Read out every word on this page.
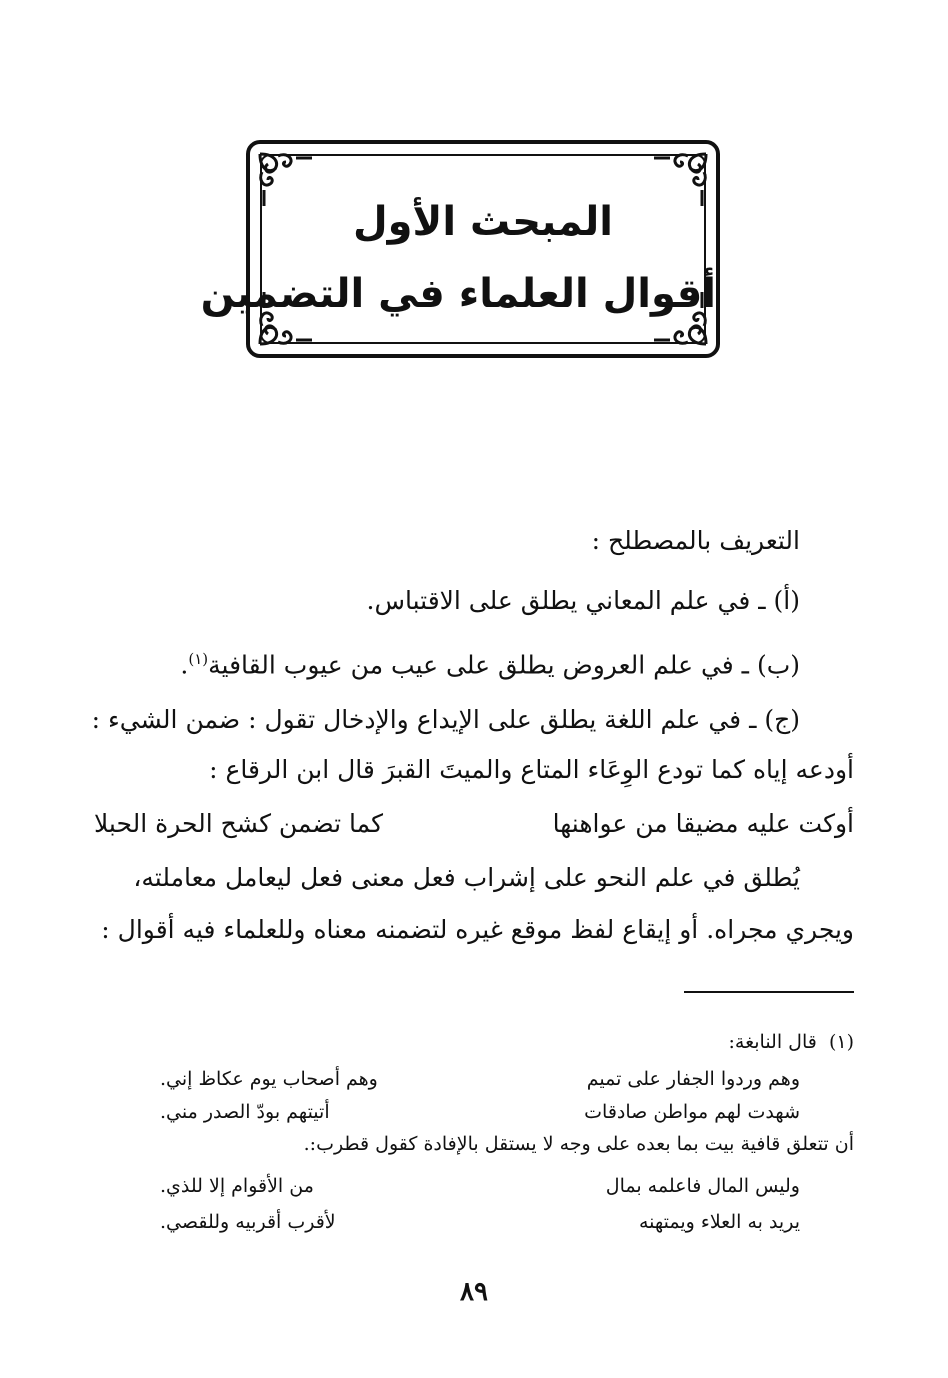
المبحث الأول
أقوال العلماء في التضمين
التعريف بالمصطلح :
(أ) ـ في علم المعاني يطلق على الاقتباس.
(ب) ـ في علم العروض يطلق على عيب من عيوب القافية$^{(١)}$.
(ج) ـ في علم اللغة يطلق على الإيداع والإدخال تقول : ضمن الشيء :
أودعه إياه كما تودع الوِعَاء المتاع والميتَ القبرَ قال ابن الرقاع :
أوكت عليه مضيقا من عواهنها
كما تضمن كشح الحرة الحبلا
يُطلق في علم النحو على إشراب فعل معنى فعل ليعامل معاملته،
ويجري مجراه. أو إيقاع لفظ موقع غيره لتضمنه معناه وللعلماء فيه أقوال :
(١)  قال النابغة:
وهم وردوا الجفار على تميم
وهم أصحاب يوم عكاظ إني.
شهدت لهم مواطن صادقات
أتيتهم بودّ الصدر مني.
أن تتعلق قافية بيت بما بعده على وجه لا يستقل بالإفادة كقول قطرب:.
وليس المال فاعلمه بمال
من الأقوام إلا للذي.
يريد به العلاء ويمتهنه
لأقرب أقربيه وللقصي.
٨٩
